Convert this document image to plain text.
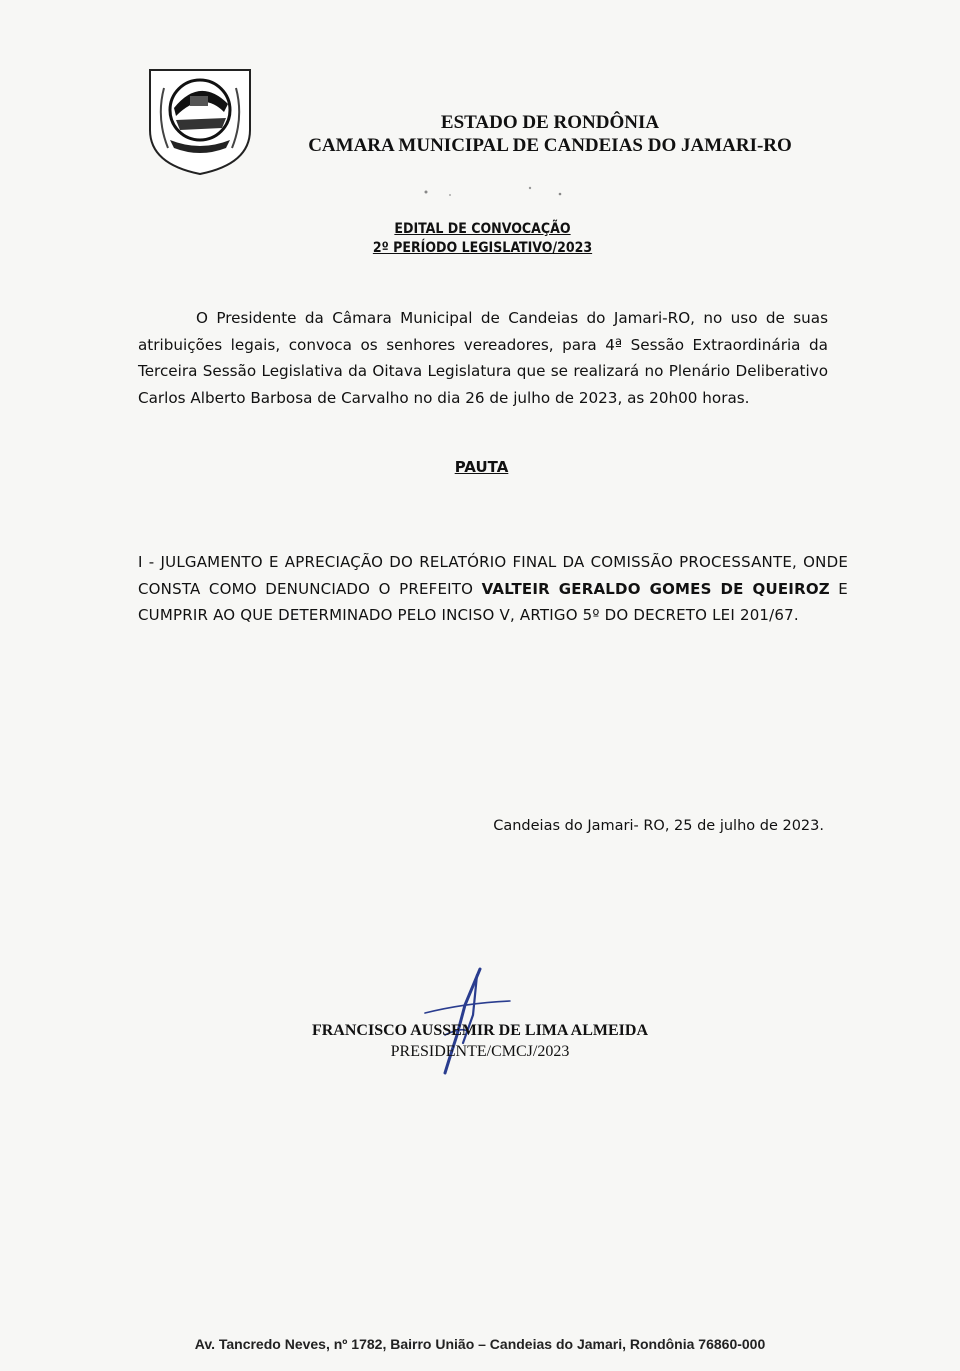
ESTADO DE RONDÔNIA
CAMARA MUNICIPAL DE CANDEIAS DO JAMARI-RO
EDITAL DE CONVOCAÇÃO
2º PERÍODO LEGISLATIVO/2023

O Presidente da Câmara Municipal de Candeias do Jamari-RO, no uso de suas atribuições legais, convoca os senhores vereadores, para 4ª Sessão Extraordinária da Terceira Sessão Legislativa da Oitava Legislatura que se realizará no Plenário Deliberativo Carlos Alberto Barbosa de Carvalho no dia 26 de julho de 2023, as 20h00 horas.

PAUTA
I - JULGAMENTO E APRECIAÇÃO DO RELATÓRIO FINAL DA COMISSÃO PROCESSANTE, ONDE CONSTA COMO DENUNCIADO O PREFEITO VALTEIR GERALDO GOMES DE QUEIROZ E CUMPRIR AO QUE DETERMINADO PELO INCISO V, ARTIGO 5º DO DECRETO LEI 201/67.
Candeias do Jamari- RO, 25 de julho de 2023.
FRANCISCO AUSSEMIR DE LIMA ALMEIDA
PRESIDENTE/CMCJ/2023
Av. Tancredo Neves, nº 1782, Bairro União – Candeias do Jamari, Rondônia 76860-000
